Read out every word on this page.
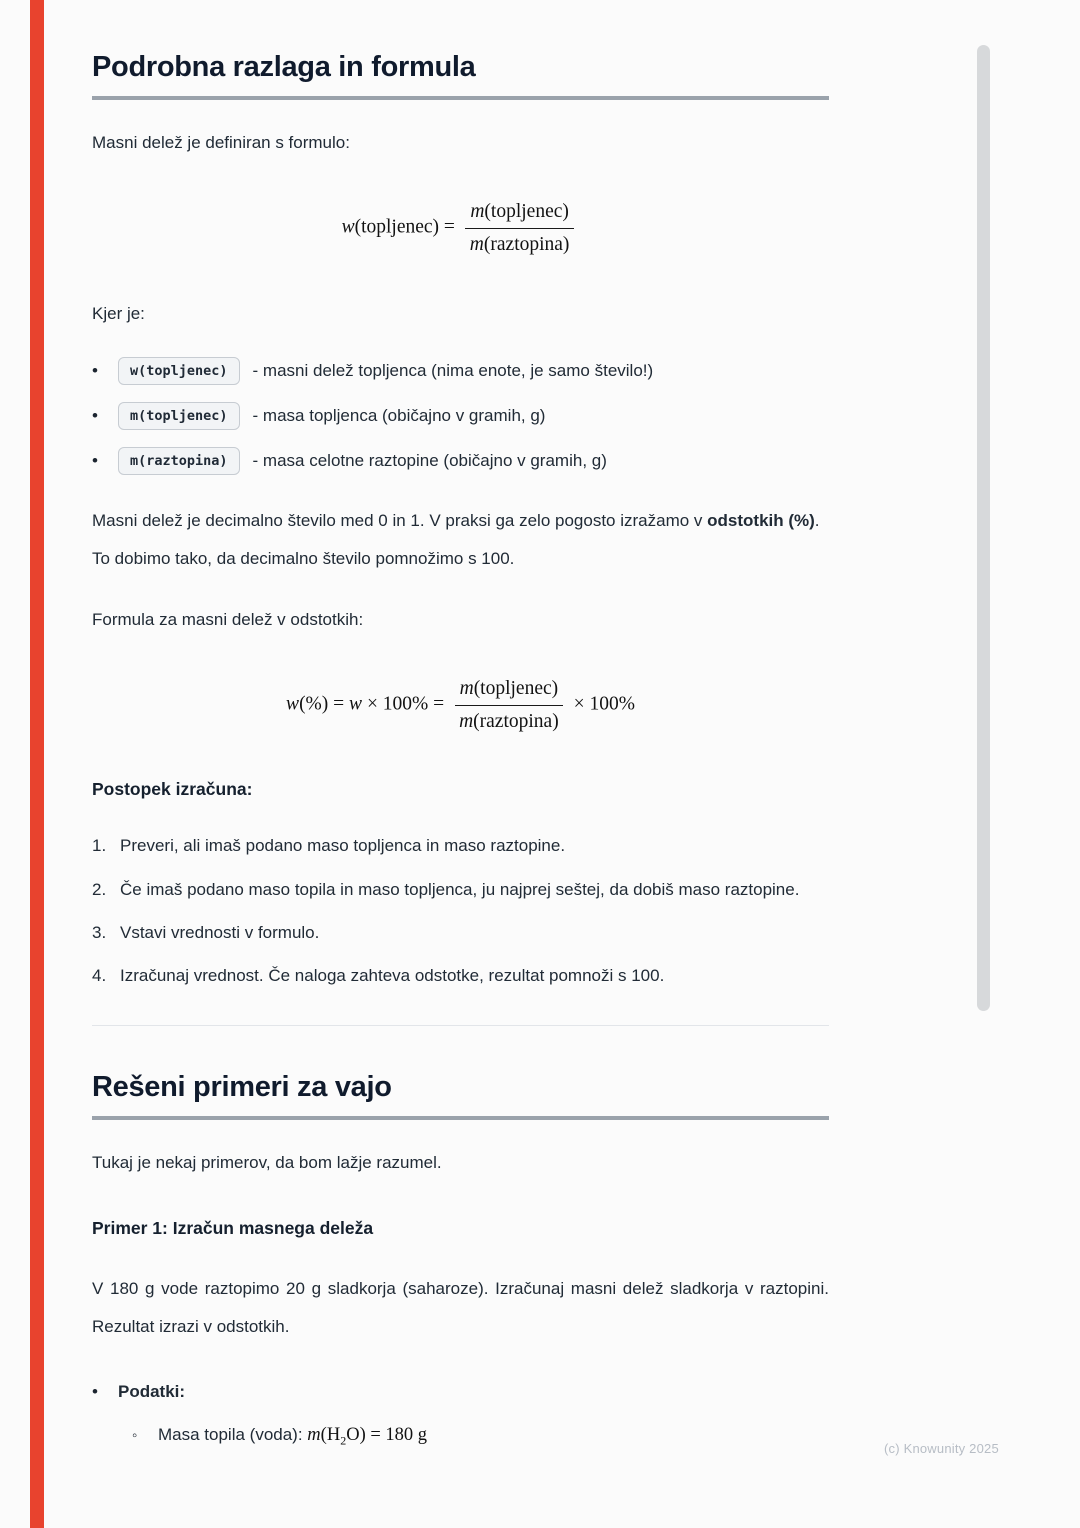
Podrobna razlaga in formula

Masni delež je definiran s formulo:

w(topljenec) = $\frac{\text{m(topljenec)}}{\text{m(raztopina)}}$

Kjer je:

•	w(topljenec)	- masni delež topljenca (nima enote, je samo število!)
•	m(topljenec)	- masa topljenca (običajno v gramih, g)
•	m(raztopina)	- masa celotne raztopine (običajno v gramih, g)

Masni delež je decimalno število med 0 in 1. V praksi ga zelo pogosto izražamo v odstotkih (%). To dobimo tako, da decimalno število pomnožimo s 100.

Formula za masni delež v odstotkih:

$w(\%) = w \times 100\% = \frac{\text{m(topljenec)}}{\text{m(raztopina)}} \times 100\%$
Postopek izračuna:
1. Preveri, ali imaš podano maso topljenca in maso raztopine.
2. Če imaš podano maso topila in maso topljenca, ju najprej seštej, da dobiš maso raztopine.
3. Vstavi vrednosti v formulo.
4. Izračunaj vrednost. Če naloga zahteva odstotke, rezultat pomnoži s 100.
Rešeni primeri za vajo

Tukaj je nekaj primerov, da bom lažje razumel.

Primer 1: Izračun masnega deleža

V 180 g vode raztopimo 20 g sladkorja (saharoze). Izračunaj masni delež sladkorja v raztopini. Rezultat izrazi v odstotkih.

•	Podatki:
◦	Masa topila (voda): $m(H_2O) = 180$ g
(c) Knowunity 2025
